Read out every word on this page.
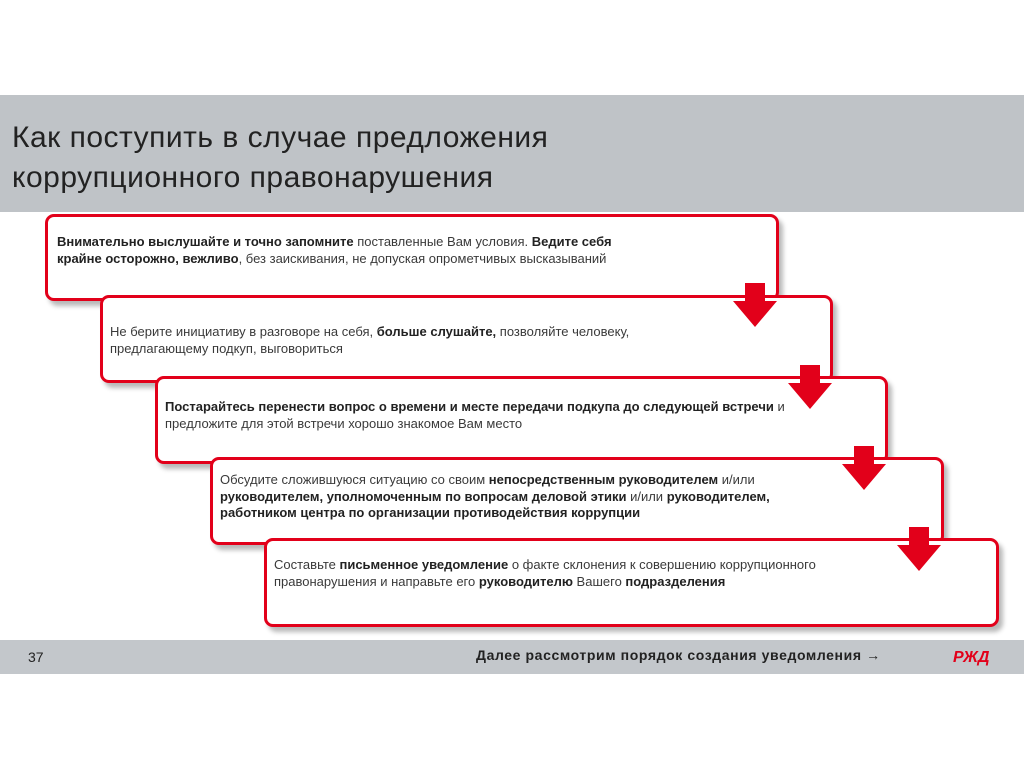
Как поступить в случае предложения коррупционного правонарушения

Внимательно выслушайте и точно запомните поставленные Вам условия. Ведите себя крайне осторожно, вежливо, без заискивания, не допуская опрометчивых высказываний

Не берите инициативу в разговоре на себя, больше слушайте, позволяйте человеку, предлагающему подкуп, выговориться

Постарайтесь перенести вопрос о времени и месте передачи подкупа до следующей встречи и предложите для этой встречи хорошо знакомое Вам место

Обсудите сложившуюся ситуацию со своим непосредственным руководителем и/или руководителем, уполномоченным по вопросам деловой этики и/или руководителем, работником центра по организации противодействия коррупции

Составьте письменное уведомление о факте склонения к совершению коррупционного правонарушения и направьте его руководителю Вашего подразделения

37	Далее рассмотрим порядок создания уведомления →	РЖД
